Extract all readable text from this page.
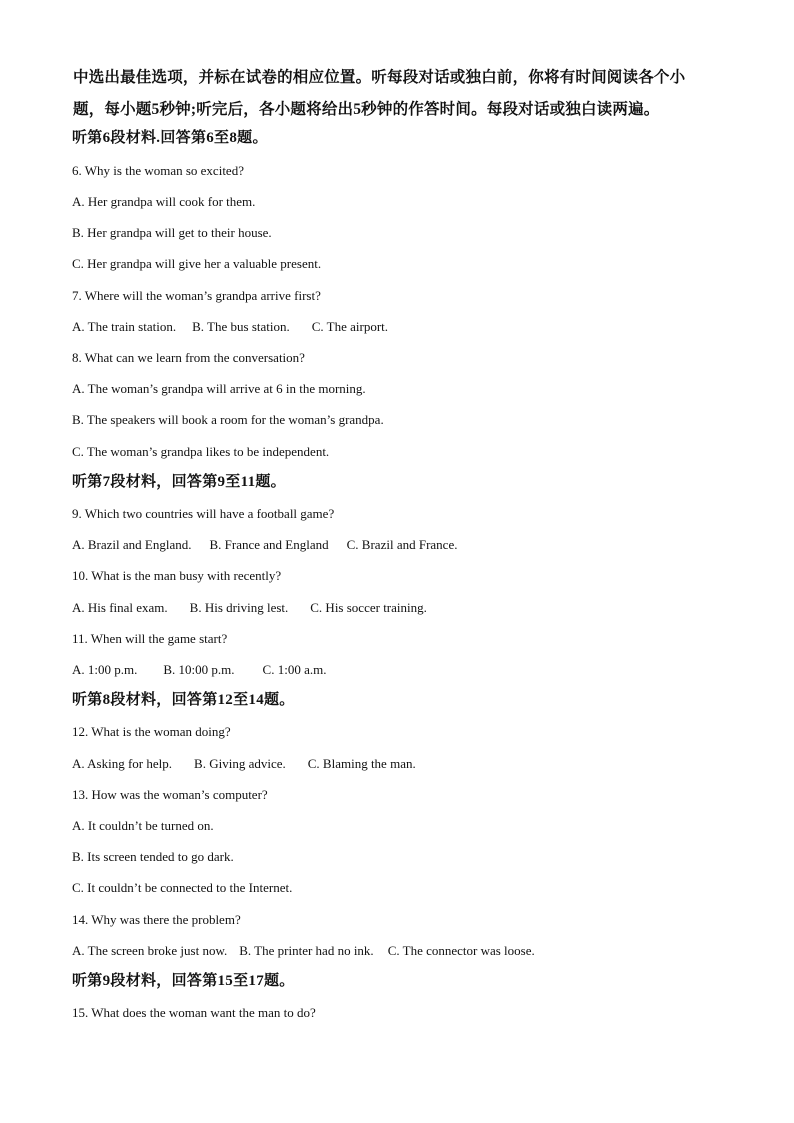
中选出最佳选项，并标在试卷的相应位置。听每段对话或独白前，你将有时间阅读各个小

题，每小题5秒钟;听完后，各小题将给出5秒钟的作答时间。每段对话或独白读两遍。

听第6段材料.回答第6至8题。
6. Why is the woman so excited?
A. Her grandpa will cook for them.
B. Her grandpa will get to their house.
C. Her grandpa will give her a valuable present.
7. Where will the woman’s grandpa arrive first?
A. The train station. B. The bus station. C. The airport.
8. What can we learn from the conversation?
A. The woman’s grandpa will arrive at 6 in the morning.
B. The speakers will book a room for the woman’s grandpa.
C. The woman’s grandpa likes to be independent.
听第7段材料，回答第9至11题。
9. Which two countries will have a football game?
A. Brazil and England. B. France and England C. Brazil and France.
10. What is the man busy with recently?
A. His final exam. B. His driving lest. C. His soccer training.
11. When will the game start?
A. 1:00 p.m. B. 10:00 p.m. C. 1:00 a.m.
听第8段材料，回答第12至14题。
12. What is the woman doing?
A. Asking for help. B. Giving advice. C. Blaming the man.
13. How was the woman’s computer?
A. It couldn’t be turned on.
B. Its screen tended to go dark.
C. It couldn’t be connected to the Internet.
14. Why was there the problem?
A. The screen broke just now. B. The printer had no ink. C. The connector was loose.
听第9段材料，回答第15至17题。
15. What does the woman want the man to do?
